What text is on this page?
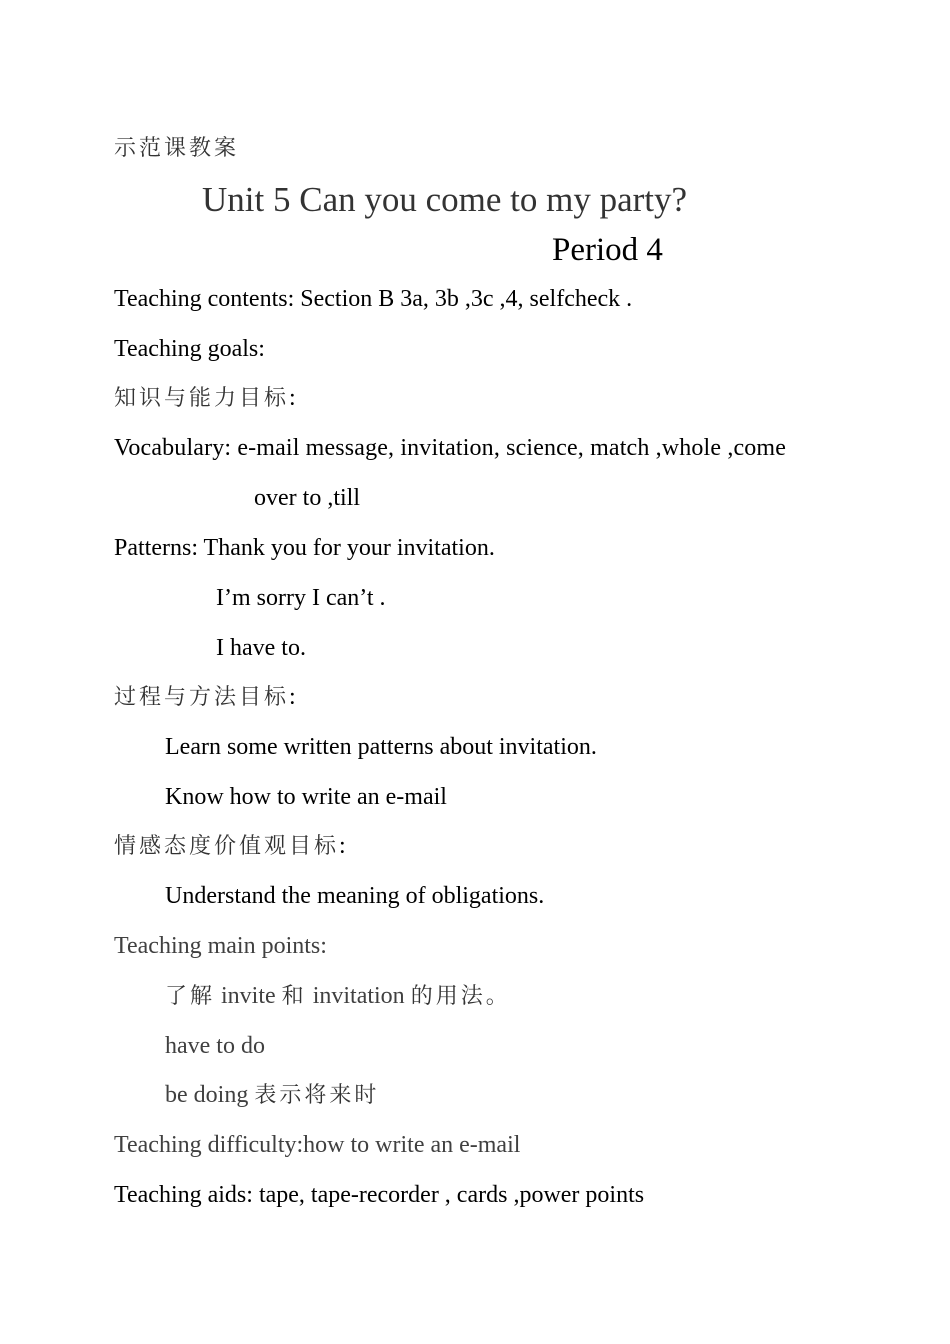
示范课教案
Unit 5 Can you come to my party?
Period 4
Teaching contents: Section B 3a, 3b ,3c ,4, selfcheck .
Teaching goals:
知识与能力目标:
Vocabulary: e-mail message, invitation, science, match ,whole ,come
over to ,till
Patterns: Thank you for your invitation.
I’m sorry I can’t .
I have to.
过程与方法目标:
Learn some written patterns about invitation.
Know how to write an e-mail
情感态度价值观目标:
Understand the meaning of obligations.
Teaching main points:
了解 invite 和 invitation 的用法。
have to do
be doing 表示将来时
Teaching difficulty:how to write an e-mail
Teaching aids: tape, tape-recorder , cards ,power points
